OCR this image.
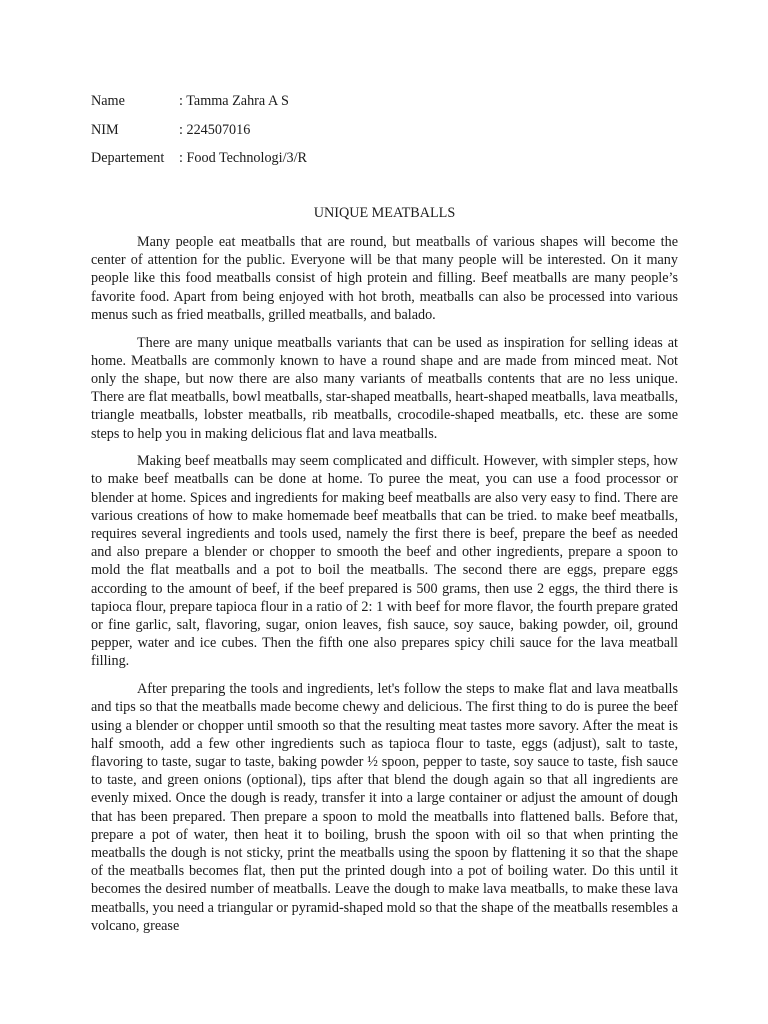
Name	: Tamma Zahra A S
NIM	: 224507016
Departement	: Food Technologi/3/R
UNIQUE MEATBALLS

Many people eat meatballs that are round, but meatballs of various shapes will become the center of attention for the public. Everyone will be that many people will be interested. On it many people like this food meatballs consist of high protein and filling. Beef meatballs are many people’s favorite food. Apart from being enjoyed with hot broth, meatballs can also be processed into various menus such as fried meatballs, grilled meatballs, and balado.

There are many unique meatballs variants that can be used as inspiration for selling ideas at home. Meatballs are commonly known to have a round shape and are made from minced meat. Not only the shape, but now there are also many variants of meatballs contents that are no less unique. There are flat meatballs, bowl meatballs, star-shaped meatballs, heart-shaped meatballs, lava meatballs, triangle meatballs, lobster meatballs, rib meatballs, crocodile-shaped meatballs, etc. these are some steps to help you in making delicious flat and lava meatballs.

Making beef meatballs may seem complicated and difficult. However, with simpler steps, how to make beef meatballs can be done at home. To puree the meat, you can use a food processor or blender at home. Spices and ingredients for making beef meatballs are also very easy to find. There are various creations of how to make homemade beef meatballs that can be tried. to make beef meatballs, requires several ingredients and tools used, namely the first there is beef, prepare the beef as needed and also prepare a blender or chopper to smooth the beef and other ingredients, prepare a spoon to mold the flat meatballs and a pot to boil the meatballs. The second there are eggs, prepare eggs according to the amount of beef, if the beef prepared is 500 grams, then use 2 eggs, the third there is tapioca flour, prepare tapioca flour in a ratio of 2: 1 with beef for more flavor, the fourth prepare grated or fine garlic, salt, flavoring, sugar, onion leaves, fish sauce, soy sauce, baking powder, oil, ground pepper, water and ice cubes. Then the fifth one also prepares spicy chili sauce for the lava meatball filling.

After preparing the tools and ingredients, let's follow the steps to make flat and lava meatballs and tips so that the meatballs made become chewy and delicious. The first thing to do is puree the beef using a blender or chopper until smooth so that the resulting meat tastes more savory. After the meat is half smooth, add a few other ingredients such as tapioca flour to taste, eggs (adjust), salt to taste, flavoring to taste, sugar to taste, baking powder ½ spoon, pepper to taste, soy sauce to taste, fish sauce to taste, and green onions (optional), tips after that blend the dough again so that all ingredients are evenly mixed. Once the dough is ready, transfer it into a large container or adjust the amount of dough that has been prepared. Then prepare a spoon to mold the meatballs into flattened balls. Before that, prepare a pot of water, then heat it to boiling, brush the spoon with oil so that when printing the meatballs the dough is not sticky, print the meatballs using the spoon by flattening it so that the shape of the meatballs becomes flat, then put the printed dough into a pot of boiling water. Do this until it becomes the desired number of meatballs. Leave the dough to make lava meatballs, to make these lava meatballs, you need a triangular or pyramid-shaped mold so that the shape of the meatballs resembles a volcano, grease
